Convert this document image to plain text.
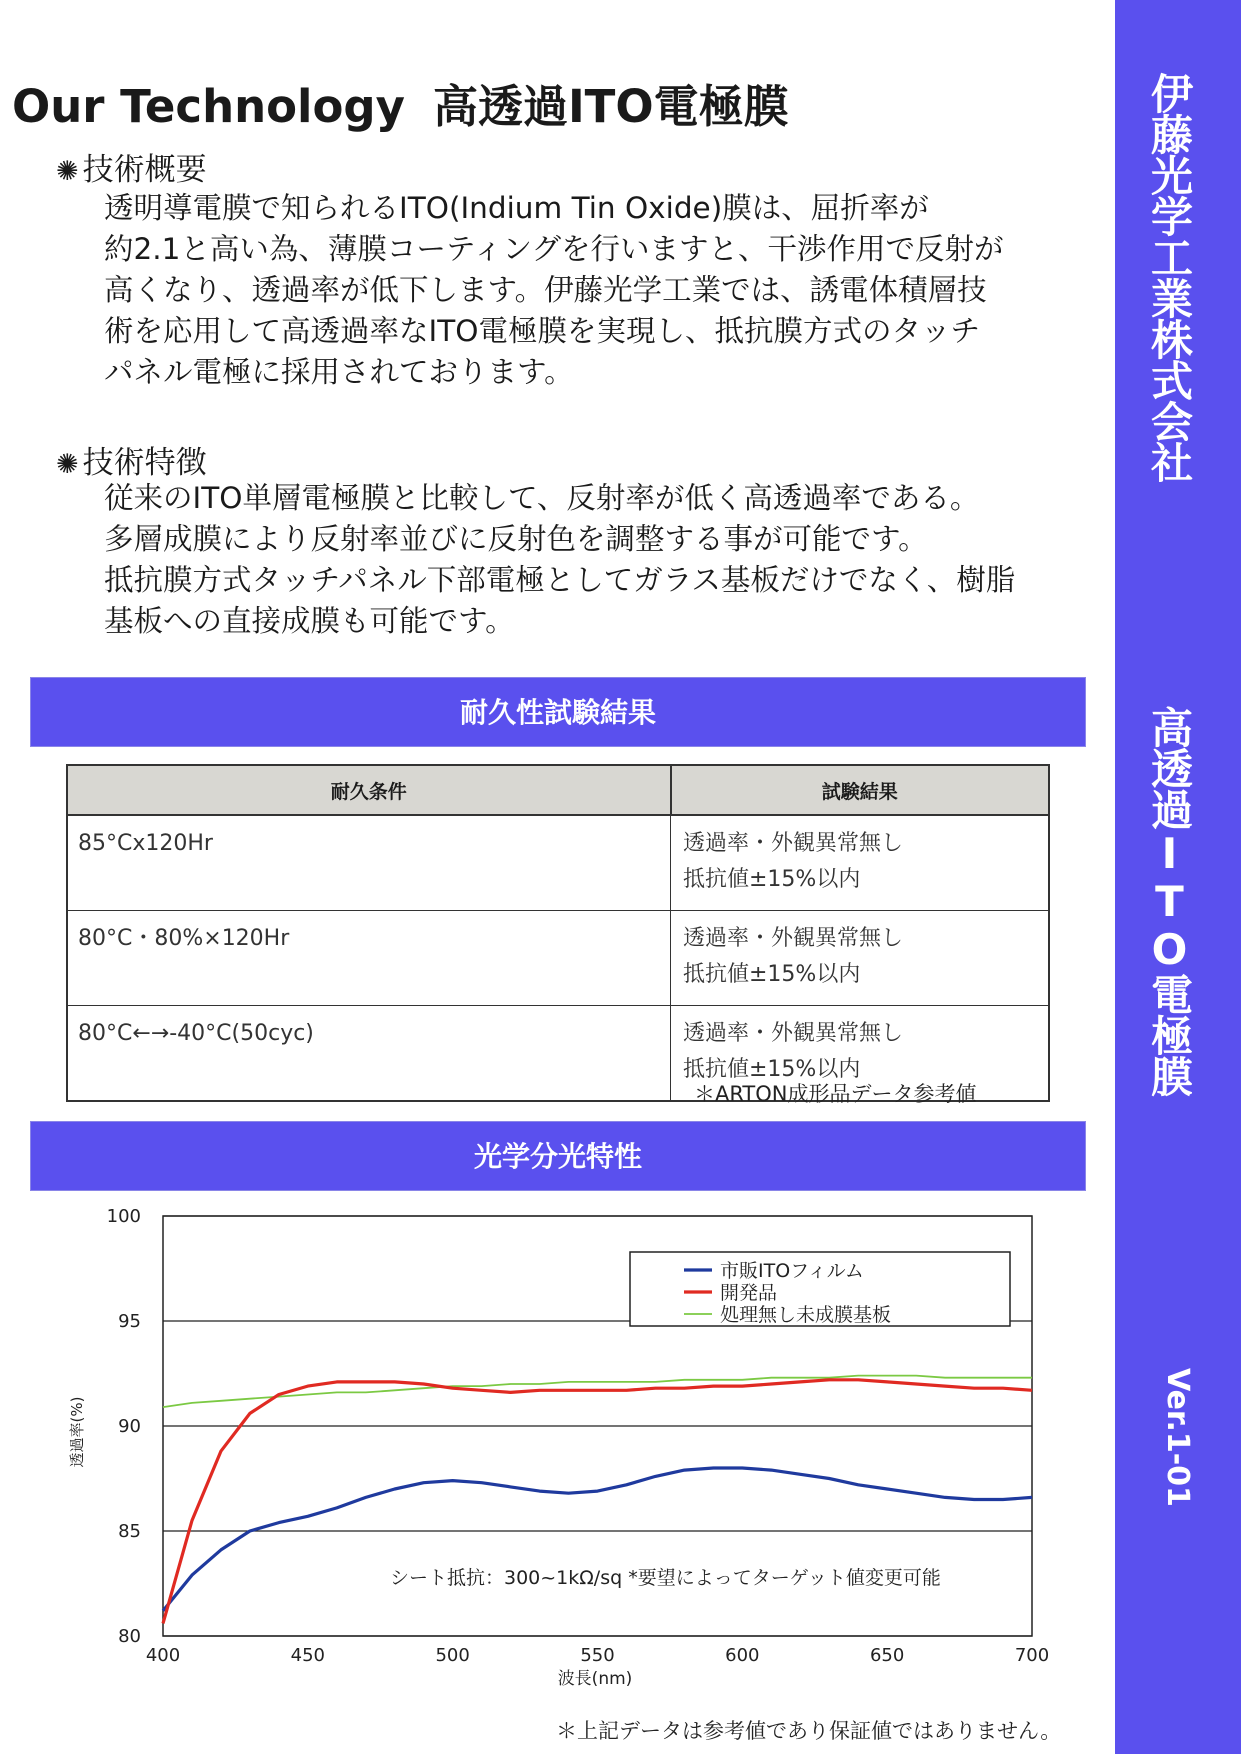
伊藤光学工業株式会社
高透過ITO電極膜
Ver.1-01
Our Technology 高透過ITO電極膜
✺ 技術概要
透明導電膜で知られるITO(Indium Tin Oxide)膜は、屈折率が
約2.1と高い為、薄膜コーティングを行いますと、干渉作用で反射が
高くなり、透過率が低下します。伊藤光学工業では、誘電体積層技
術を応用して高透過率なITO電極膜を実現し、抵抗膜方式のタッチ
パネル電極に採用されております。
✺ 技術特徴
従来のITO単層電極膜と比較して、反射率が低く高透過率である。
多層成膜により反射率並びに反射色を調整する事が可能です。
抵抗膜方式タッチパネル下部電極としてガラス基板だけでなく、樹脂
基板への直接成膜も可能です。
耐久性試験結果
耐久条件	試験結果
85°Cx120Hr	透過率・外観異常無し
抵抗値±15%以内

80°C・80%×120Hr	透過率・外観異常無し
抵抗値±15%以内

80°C←→-40°C(50cyc)	透過率・外観異常無し
抵抗値±15%以内
＊ARTON成形品データ参考値
光学分光特性
80
85
90
95
100
400	450	500	550	600	650	700
波長(nm)
透過率(%)
シート抵抗：300~1kΩ/sq *要望によってターゲット値変更可能
市販ITOフィルム
開発品
処理無し未成膜基板
＊上記データは参考値であり保証値ではありません。
